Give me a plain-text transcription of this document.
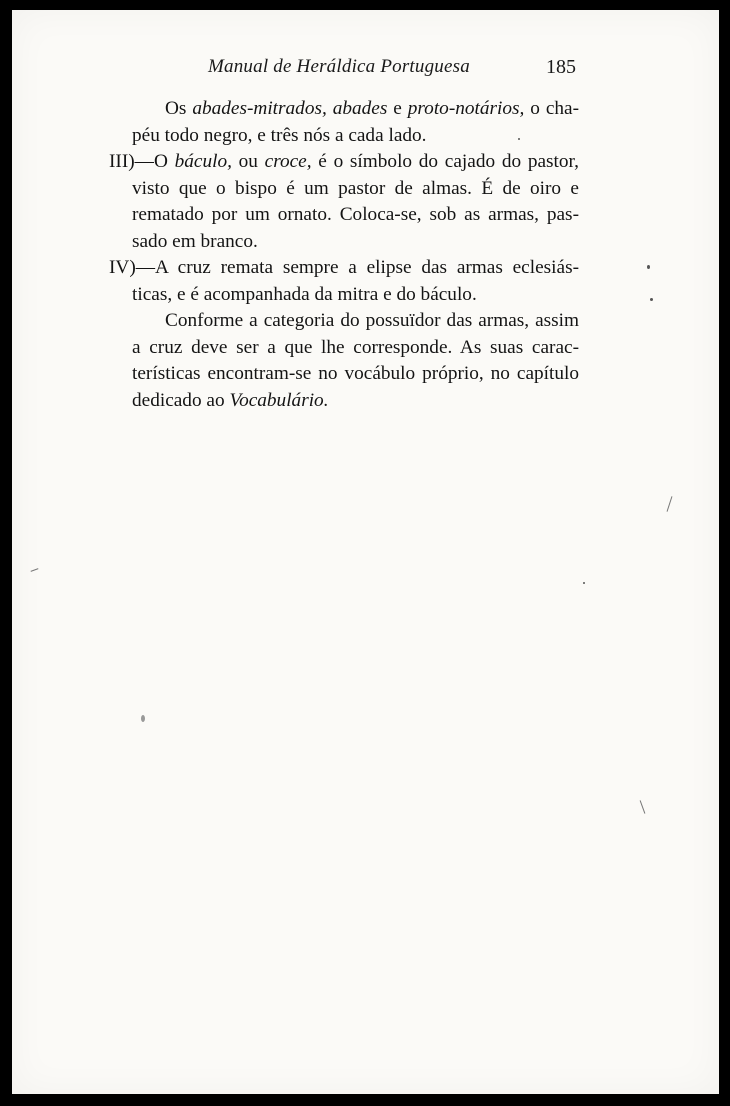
Manual de Heráldica Portuguesa	185
Os abades-mitrados, abades e proto-notários, o cha-
péu todo negro, e três nós a cada lado.
III)—O báculo, ou croce, é o símbolo do cajado do pastor,
visto que o bispo é um pastor de almas. É de oiro e
rematado por um ornato. Coloca-se, sob as armas, pas-
sado em branco.
IV)—A cruz remata sempre a elipse das armas eclesiás-
ticas, e é acompanhada da mitra e do báculo.
Conforme a categoria do possuïdor das armas, assim
a cruz deve ser a que lhe corresponde. As suas carac-
terísticas encontram-se no vocábulo próprio, no capítulo
dedicado ao Vocabulário.
